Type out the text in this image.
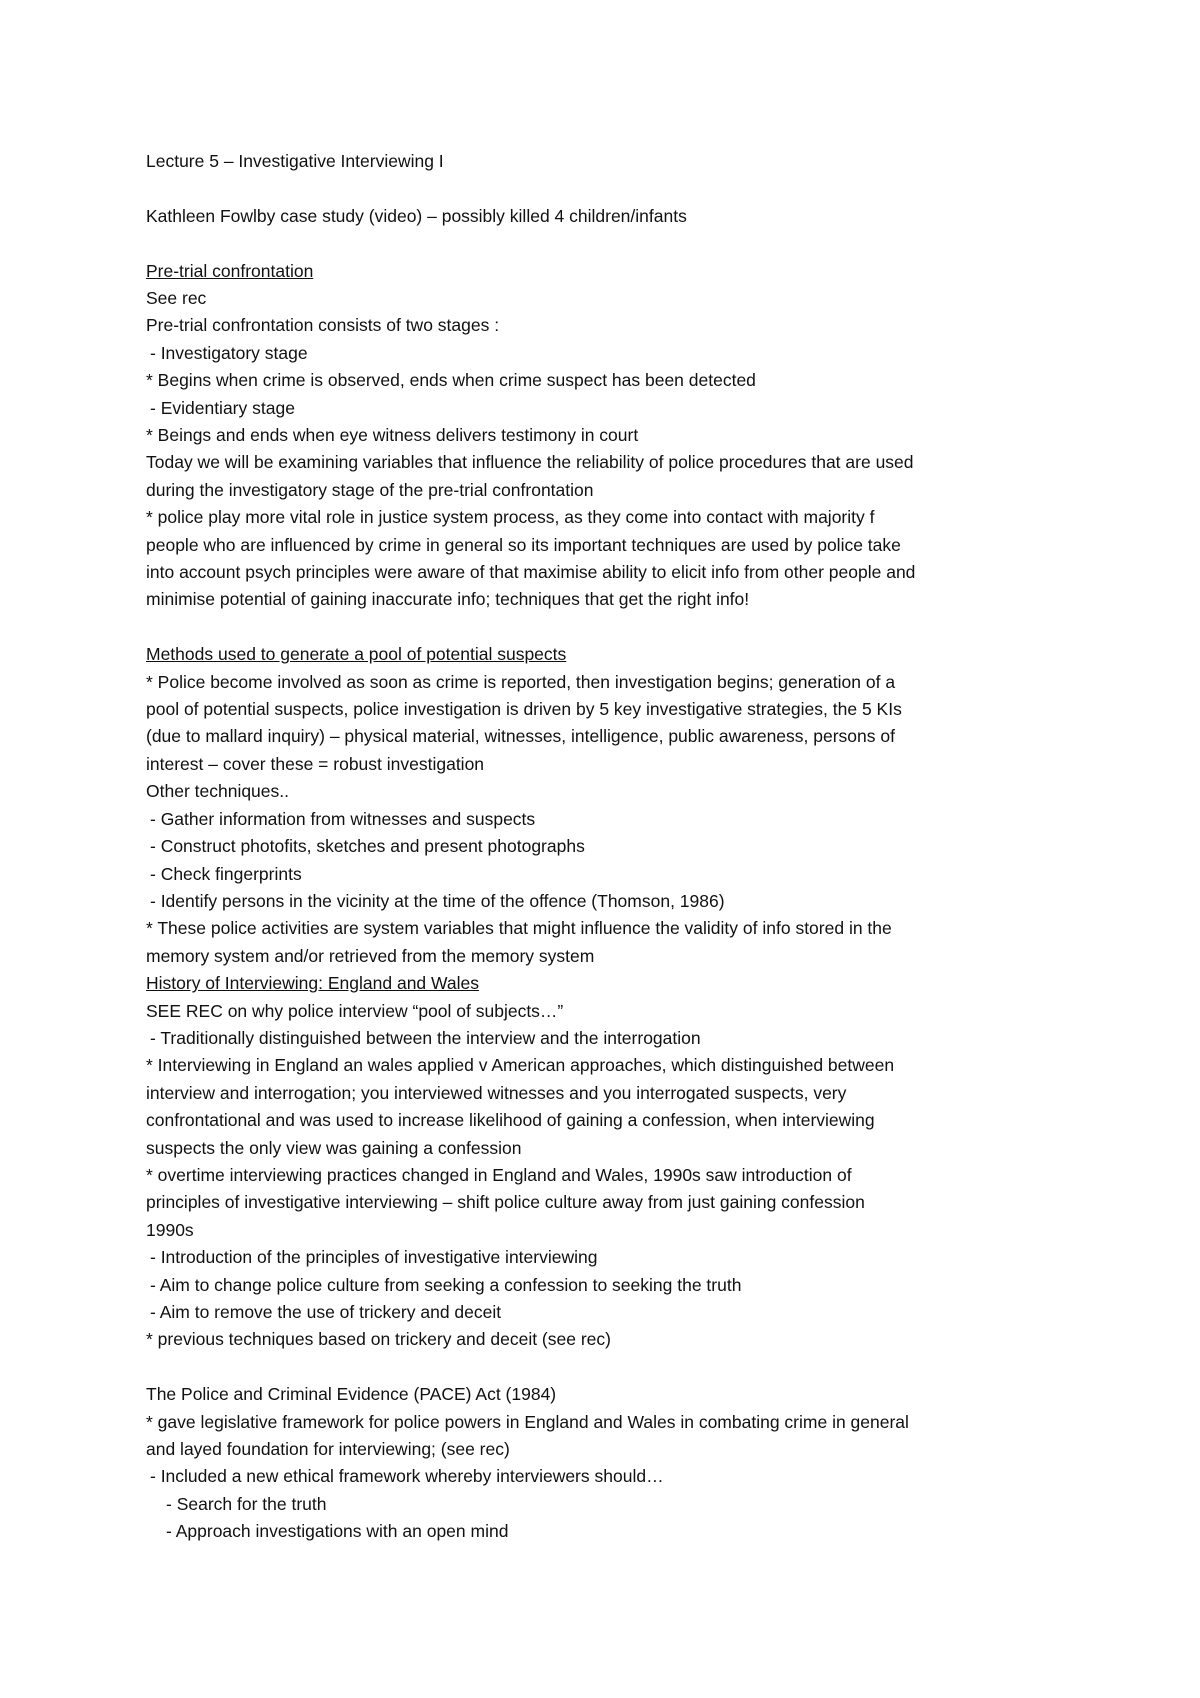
Lecture 5 – Investigative Interviewing I
Kathleen Fowlby case study (video) – possibly killed 4 children/infants
Pre-trial confrontation
See rec
Pre-trial confrontation consists of two stages :
- Investigatory stage
* Begins when crime is observed, ends when crime suspect has been detected
- Evidentiary stage
* Beings and ends when eye witness delivers testimony in court
Today we will be examining variables that influence the reliability of police procedures that are used
during the investigatory stage of the pre-trial confrontation
* police play more vital role in justice system process, as they come into contact with majority f
people who are influenced by crime in general so its important techniques are used by police take
into account psych principles were aware of that maximise ability to elicit info from other people and
minimise potential of gaining inaccurate info; techniques that get the right info!
Methods used to generate a pool of potential suspects
* Police become involved as soon as crime is reported, then investigation begins; generation of a
pool of potential suspects, police investigation is driven by 5 key investigative strategies, the 5 KIs
(due to mallard inquiry) – physical material, witnesses, intelligence, public awareness, persons of
interest – cover these = robust investigation
Other techniques..
- Gather information from witnesses and suspects
- Construct photofits, sketches and present photographs
- Check fingerprints
- Identify persons in the vicinity at the time of the offence (Thomson, 1986)
* These police activities are system variables that might influence the validity of info stored in the
memory system and/or retrieved from the memory system
History of Interviewing: England and Wales
SEE REC on why police interview “pool of subjects…”
- Traditionally distinguished between the interview and the interrogation
* Interviewing in England an wales applied v American approaches, which distinguished between
interview and interrogation; you interviewed witnesses and you interrogated suspects, very
confrontational and was used to increase likelihood of gaining a confession, when interviewing
suspects the only view was gaining a confession
* overtime interviewing practices changed in England and Wales, 1990s saw introduction of
principles of investigative interviewing – shift police culture away from just gaining confession
1990s
- Introduction of the principles of investigative interviewing
- Aim to change police culture from seeking a confession to seeking the truth
- Aim to remove the use of trickery and deceit
* previous techniques based on trickery and deceit (see rec)
The Police and Criminal Evidence (PACE) Act (1984)
* gave legislative framework for police powers in England and Wales in combating crime in general
and layed foundation for interviewing; (see rec)
- Included a new ethical framework whereby interviewers should…
- Search for the truth
- Approach investigations with an open mind
